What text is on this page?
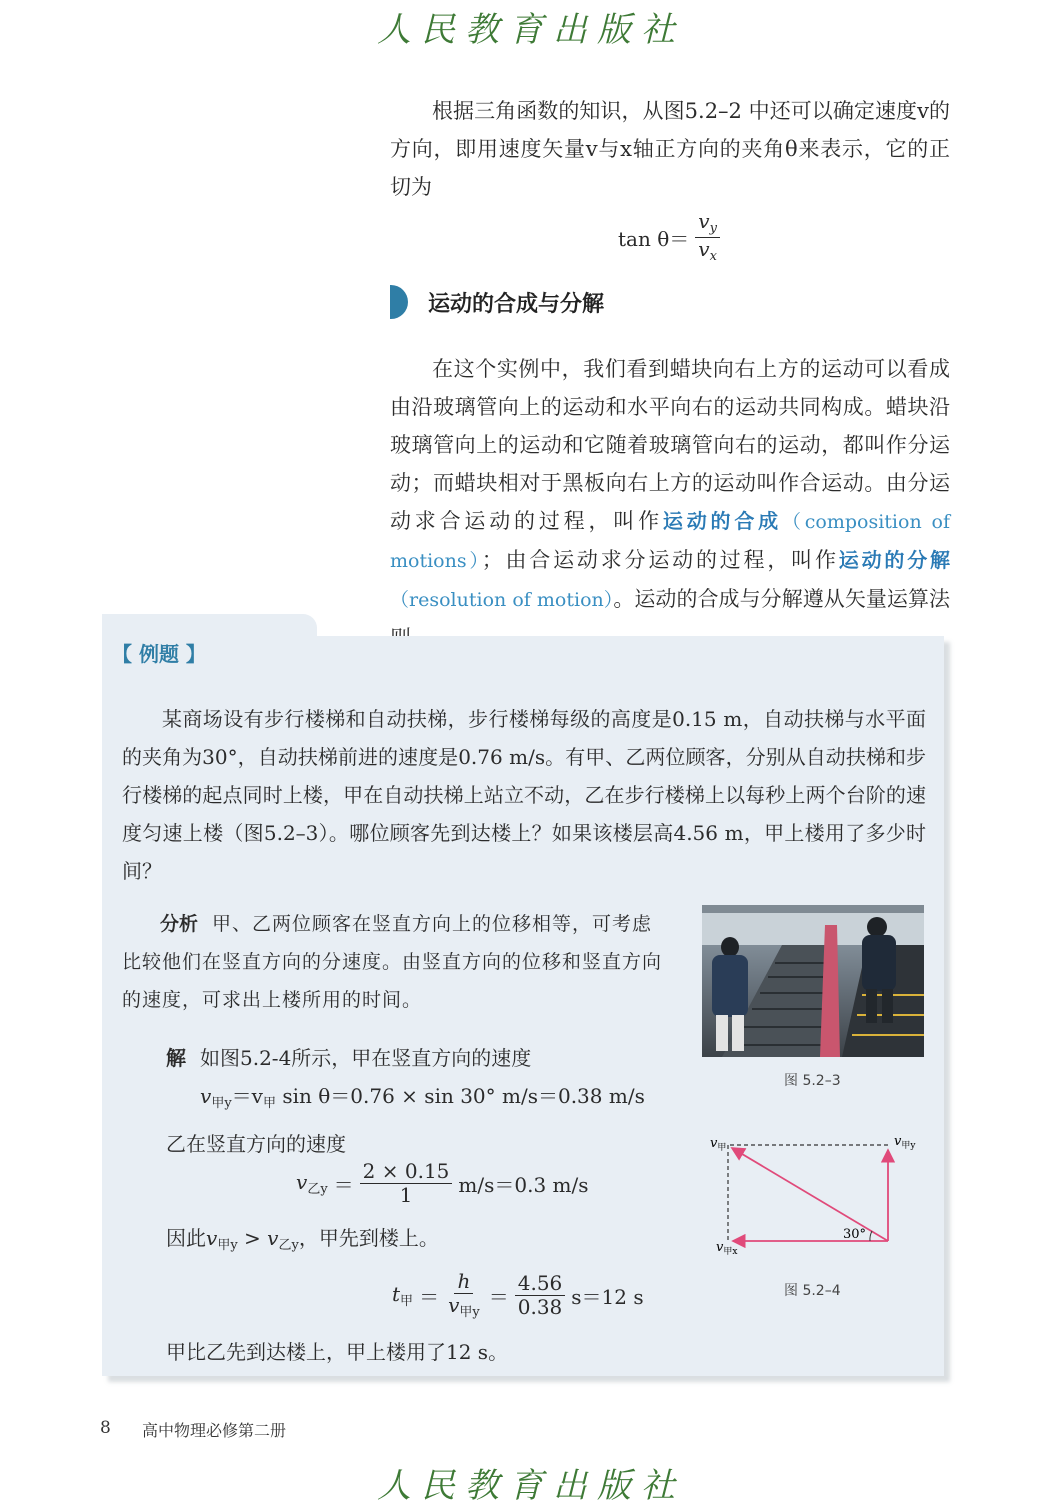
人民教育出版社

根据三角函数的知识，从图5.2–2 中还可以确定速度v的方向，即用速度矢量v与x轴正方向的夹角θ来表示，它的正切为

$\tan \theta= \frac{v_y}{v_x}$
运动的合成与分解

在这个实例中，我们看到蜡块向右上方的运动可以看成由沿玻璃管向上的运动和水平向右的运动共同构成。蜡块沿玻璃管向上的运动和它随着玻璃管向右的运动，都叫作分运动；而蜡块相对于黑板向右上方的运动叫作合运动。由分运动求合运动的过程，叫作运动的合成（composition of motions）；由合运动求分运动的过程，叫作运动的分解（resolution of motion）。运动的合成与分解遵从矢量运算法

【 例题 】

某商场设有步行楼梯和自动扶梯，步行楼梯每级的高度是0.15 m，自动扶梯与水平面的夹角为30°，自动扶梯前进的速度是0.76 m/s。有甲、乙两位顾客，分别从自动扶梯和步行楼梯的起点同时上楼，甲在自动扶梯上站立不动，乙在步行楼梯上以每秒上两个台阶的速度匀速上楼（图5.2–3）。哪位顾客先到达楼上？如果该楼层高4.56 m，甲上楼用了多少时间？

分析 甲、乙两位顾客在竖直方向上的位移相等，可考虑比较他们在竖直方向的分速度。由竖直方向的位移和竖直方向的速度，可求出上楼所用的时间。

图 5.2–3
解 如图5.2-4所示，甲在竖直方向的速度
$v_{甲y}=v_甲$ sin θ＝0.76 × sin 30° m/s＝0.38 m/s
乙在竖直方向的速度
$v_{乙y} = \frac{2 \times 0.15}{1} m/s=0.3$ m/s
因此$v_{甲y} > v_{乙y}$，甲先到楼上。
$t_甲 = \frac{h}{v_{甲y}} = \frac{4.56}{0.38} s=12$ s
甲比乙先到达楼上，甲上楼用了12 s。
$v_甲$	$v_{甲y}$
$v_{甲x}$
30°
图 5.2–4
8 高中物理必修第二册
人民教育出版社
